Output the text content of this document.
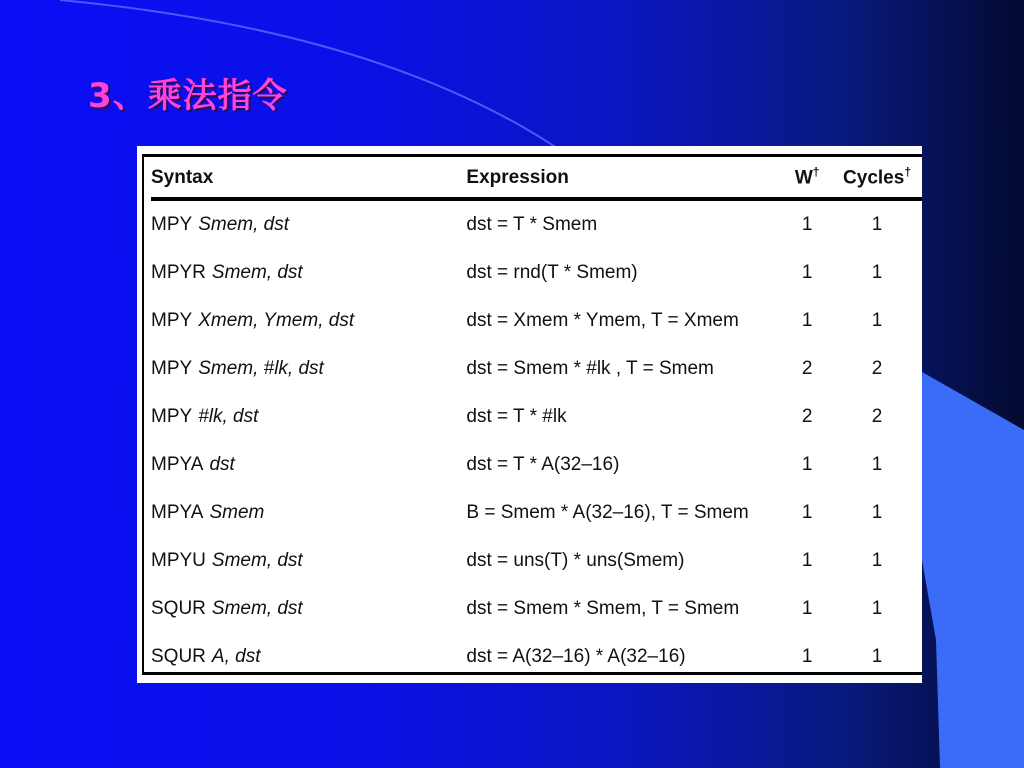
3、乘法指令
Syntax	Expression	W†	Cycles†
MPY Smem, dst	dst = T * Smem	1	1
MPYR Smem, dst	dst = rnd(T * Smem)	1	1
MPY Xmem, Ymem, dst	dst = Xmem * Ymem, T = Xmem	1	1
MPY Smem, #lk, dst	dst = Smem * #lk , T = Smem	2	2
MPY #lk, dst	dst = T * #lk	2	2
MPYA dst	dst = T * A(32–16)	1	1
MPYA Smem	B = Smem * A(32–16), T = Smem	1	1
MPYU Smem, dst	dst = uns(T) * uns(Smem)	1	1
SQUR Smem, dst	dst = Smem * Smem, T = Smem	1	1
SQUR A, dst	dst = A(32–16) * A(32–16)	1	1
